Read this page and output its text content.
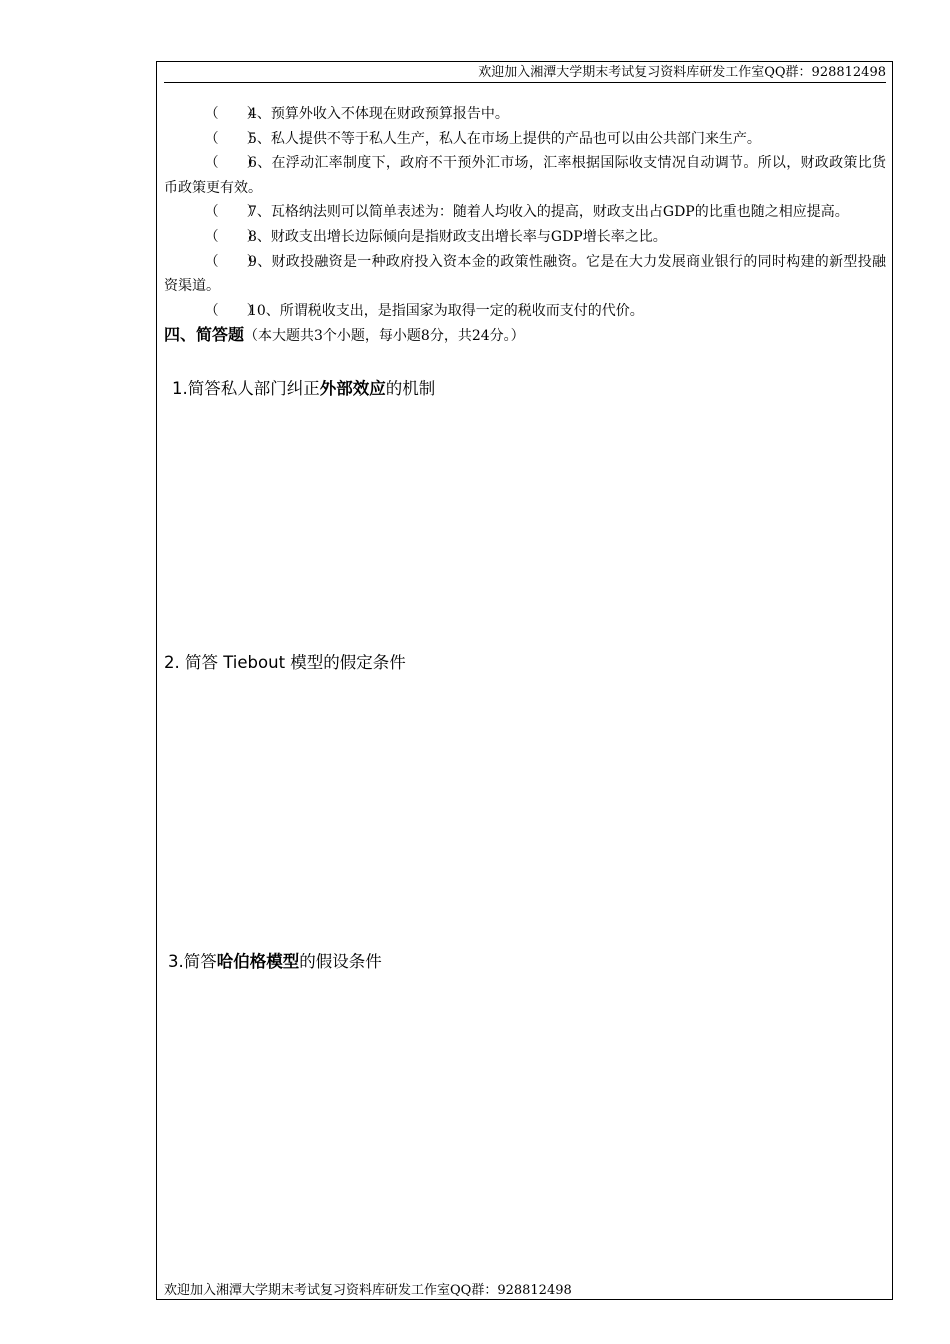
欢迎加入湘潭大学期末考试复习资料库研发工作室QQ群：928812498
（　　）4、预算外收入不体现在财政预算报告中。
（　　）5、私人提供不等于私人生产，私人在市场上提供的产品也可以由公共部门来生产。
（　　）6、在浮动汇率制度下，政府不干预外汇市场，汇率根据国际收支情况自动调节。所以，财政政策比货币政策更有效。
（　　）7、瓦格纳法则可以简单表述为：随着人均收入的提高，财政支出占GDP的比重也随之相应提高。
（　　）8、财政支出增长边际倾向是指财政支出增长率与GDP增长率之比。
（　　）9、财政投融资是一种政府投入资本金的政策性融资。它是在大力发展商业银行的同时构建的新型投融资渠道。
（　　）10、所谓税收支出，是指国家为取得一定的税收而支付的代价。
四、简答题（本大题共3个小题，每小题8分，共24分。）
1.简答私人部门纠正外部效应的机制
2. 简答 Tiebout 模型的假定条件
3.简答哈伯格模型的假设条件
欢迎加入湘潭大学期末考试复习资料库研发工作室QQ群：928812498
